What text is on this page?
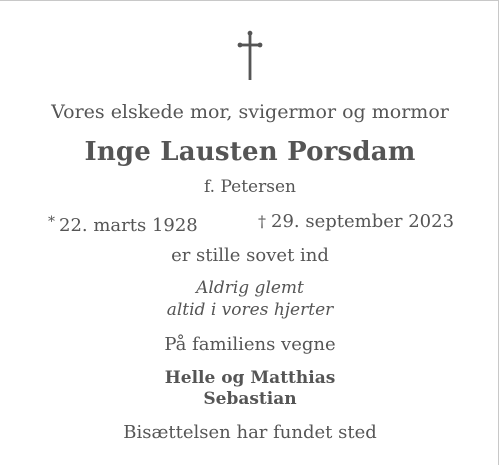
Vores elskede mor, svigermor og mormor
Inge Lausten Porsdam
f. Petersen
* 22. marts 1928	† 29. september 2023
er stille sovet ind
Aldrig glemt
altid i vores hjerter
På familiens vegne
Helle og Matthias
Sebastian
Bisættelsen har fundet sted
